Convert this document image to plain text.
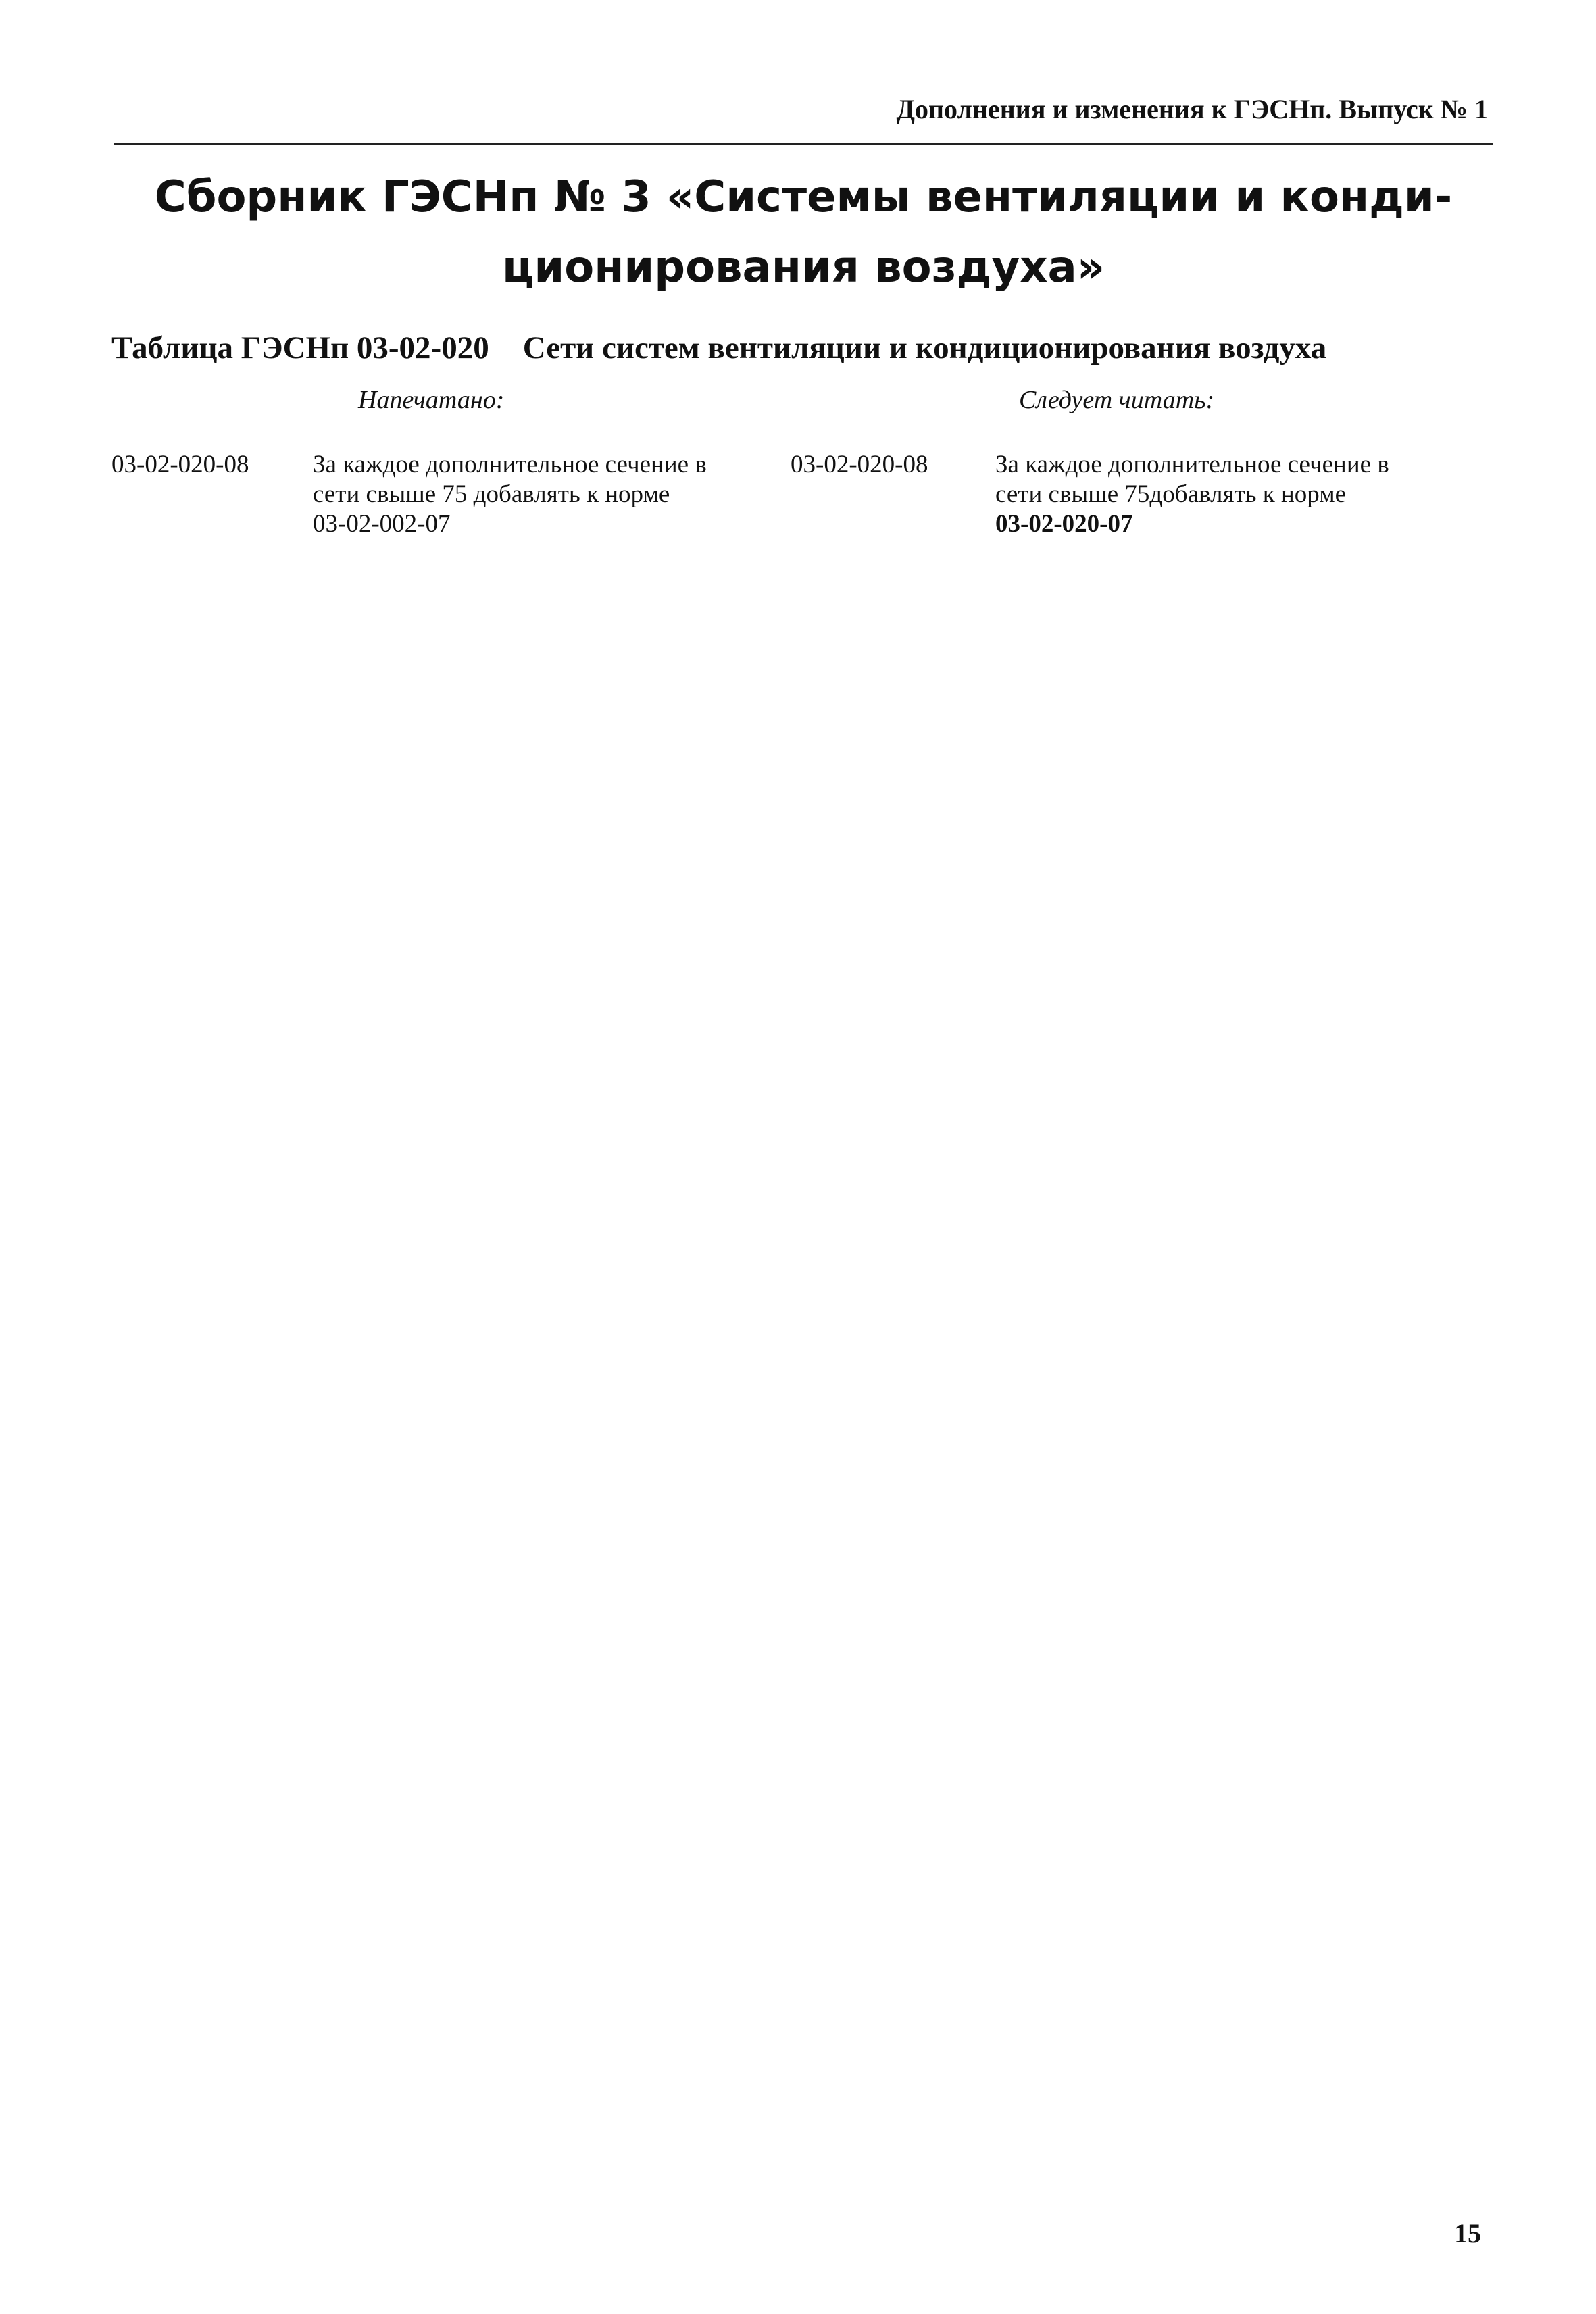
Дополнения и изменения к ГЭСНп. Выпуск № 1
Сборник ГЭСНп № 3 «Системы вентиляции и конди-
ционирования воздуха»
Таблица ГЭСНп 03-02-020 Сети систем вентиляции и кондиционирования воздуха
Напечатано:	Следует читать:
03-02-020-08	За каждое дополнительное сечение в
сети свыше 75 добавлять к норме
03-02-002-07
03-02-020-08	За каждое дополнительное сечение в
сети свыше 75добавлять к норме
03-02-020-07
15
